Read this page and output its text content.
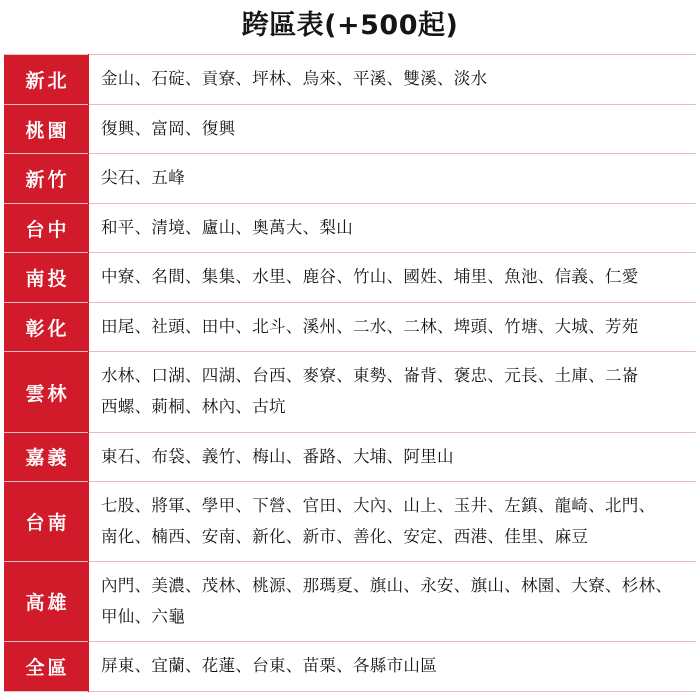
跨區表(+500起)
新北	金山、石碇、貢寮、坪林、烏來、平溪、雙溪、淡水

桃園	復興、富岡、復興

新竹	尖石、五峰

台中	和平、清境、廬山、奧萬大、梨山

南投	中寮、名間、集集、水里、鹿谷、竹山、國姓、埔里、魚池、信義、仁愛

彰化	田尾、社頭、田中、北斗、溪州、二水、二林、埤頭、竹塘、大城、芳苑

雲林	水林、口湖、四湖、台西、麥寮、東勢、崙背、褒忠、元長、土庫、二崙
西螺、莿桐、林內、古坑

嘉義	東石、布袋、義竹、梅山、番路、大埔、阿里山

台南	七股、將軍、學甲、下營、官田、大內、山上、玉井、左鎮、龍崎、北門、
南化、楠西、安南、新化、新市、善化、安定、西港、佳里、麻豆

高雄	內門、美濃、茂林、桃源、那瑪夏、旗山、永安、旗山、林園、大寮、杉林、
甲仙、六龜

全區	屏東、宜蘭、花蓮、台東、苗栗、各縣市山區
